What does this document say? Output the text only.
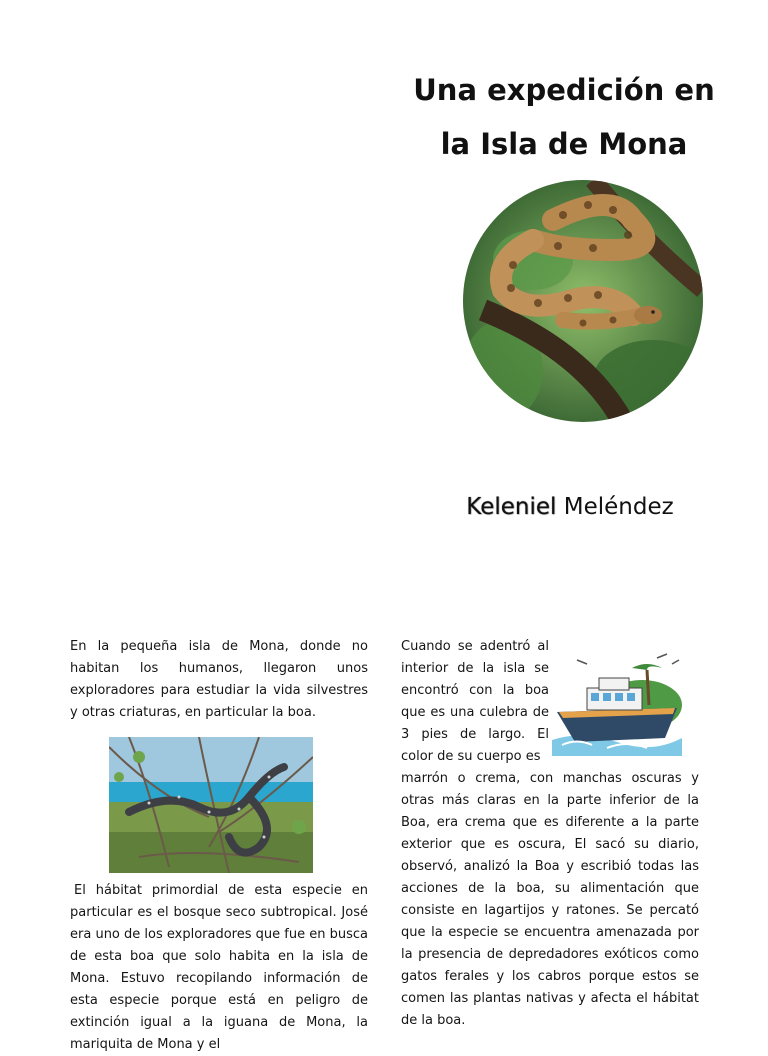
Una expedición en
la Isla de Mona
Keleniel Meléndez

En la pequeña isla de Mona, donde no habitan los humanos, llegaron unos exploradores para estudiar la vida silvestres y otras criaturas, en particular la boa.

El hábitat primordial de esta especie en particular es el bosque seco subtropical. José era uno de los exploradores que fue en busca de esta boa que solo habita en la isla de Mona. Estuvo recopilando información de esta especie porque está en peligro de extinción igual a la iguana de Mona, la mariquita de Mona y el

Cuando se adentró al interior de la isla se encontró con la boa que es una culebra de 3 pies de largo. El color de su cuerpo es

marrón o crema, con manchas oscuras y otras más claras en la parte inferior de la Boa, era crema que es diferente a la parte exterior que es oscura, El sacó su diario, observó, analizó la Boa y escribió todas las acciones de la boa, su alimentación que consiste en lagartijos y ratones. Se percató que la especie se encuentra amenazada por la presencia de depredadores exóticos como gatos ferales y los cabros porque estos se comen las plantas nativas y afecta el hábitat de la boa.
